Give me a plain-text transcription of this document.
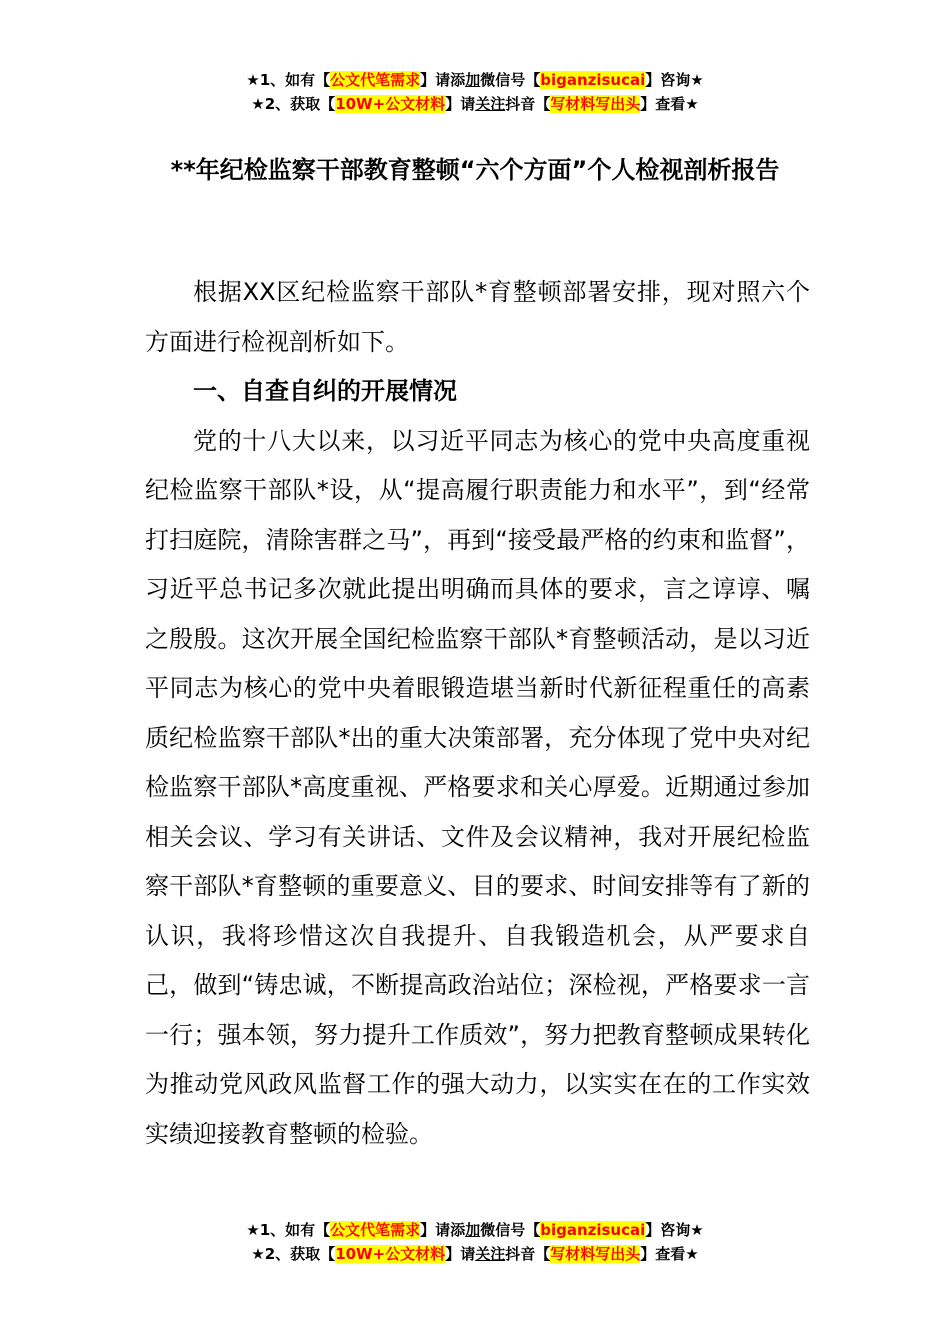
★1、如有【公文代笔需求】请添加微信号【biganzisucai】咨询★
★2、获取【10W+公文材料】请关注抖音【写材料写出头】查看★
**年纪检监察干部教育整顿“六个方面”个人检视剖析报告

根据XX区纪检监察干部队*育整顿部署安排，现对照六个方面进行检视剖析如下。

一、自查自纠的开展情况

党的十八大以来，以习近平同志为核心的党中央高度重视纪检监察干部队*设，从“提高履行职责能力和水平”，到“经常打扫庭院，清除害群之马”，再到“接受最严格的约束和监督”，习近平总书记多次就此提出明确而具体的要求，言之谆谆、嘱之殷殷。这次开展全国纪检监察干部队*育整顿活动，是以习近平同志为核心的党中央着眼锻造堪当新时代新征程重任的高素质纪检监察干部队*出的重大决策部署，充分体现了党中央对纪检监察干部队*高度重视、严格要求和关心厚爱。近期通过参加相关会议、学习有关讲话、文件及会议精神，我对开展纪检监察干部队*育整顿的重要意义、目的要求、时间安排等有了新的认识，我将珍惜这次自我提升、自我锻造机会，从严要求自己，做到“铸忠诚，不断提高政治站位；深检视，严格要求一言一行；强本领，努力提升工作质效”，努力把教育整顿成果转化为推动党风政风监督工作的强大动力，以实实在在的工作实效实绩迎接教育整顿的检验。

★1、如有【公文代笔需求】请添加微信号【biganzisucai】咨询★
★2、获取【10W+公文材料】请关注抖音【写材料写出头】查看★
